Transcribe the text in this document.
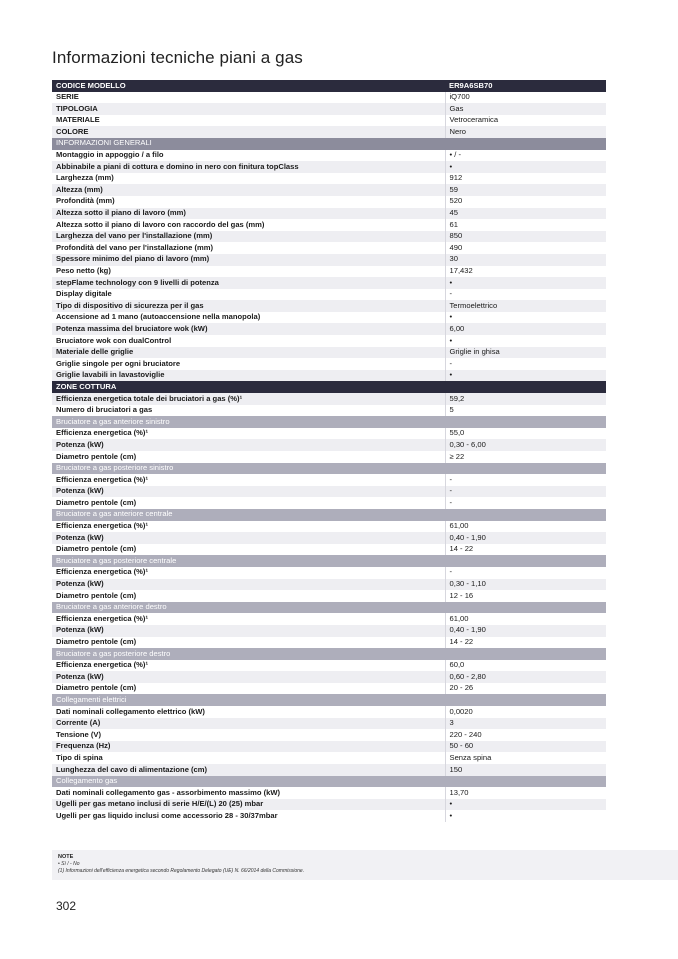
Informazioni tecniche piani a gas
CODICE MODELLO	ER9A6SB70
SERIE	iQ700
TIPOLOGIA	Gas
MATERIALE	Vetroceramica
COLORE	Nero
INFORMAZIONI GENERALI	
Montaggio in appoggio / a filo	• / -
Abbinabile a piani di cottura e domino in nero con finitura topClass	•
Larghezza (mm)	912
Altezza (mm)	59
Profondità (mm)	520
Altezza sotto il piano di lavoro (mm)	45
Altezza sotto il piano di lavoro con raccordo del gas (mm)	61
Larghezza del vano per l'installazione (mm)	850
Profondità del vano per l'installazione (mm)	490
Spessore minimo del piano di lavoro (mm)	30
Peso netto (kg)	17,432
stepFlame technology con 9 livelli di potenza	•
Display digitale	-
Tipo di dispositivo di sicurezza per il gas	Termoelettrico
Accensione ad 1 mano (autoaccensione nella manopola)	•
Potenza massima del bruciatore wok (kW)	6,00
Bruciatore wok con dualControl	•
Materiale delle griglie	Griglie in ghisa
Griglie singole per ogni bruciatore	-
Griglie lavabili in lavastoviglie	•
ZONE COTTURA	
Efficienza energetica totale dei bruciatori a gas (%)¹	59,2
Numero di bruciatori a gas	5
Bruciatore a gas anteriore sinistro	
Efficienza energetica (%)¹	55,0
Potenza (kW)	0,30 - 6,00
Diametro pentole (cm)	≥ 22
Bruciatore a gas posteriore sinistro	
Efficienza energetica (%)¹	-
Potenza (kW)	-
Diametro pentole (cm)	-
Bruciatore a gas anteriore centrale	
Efficienza energetica (%)¹	61,00
Potenza (kW)	0,40 - 1,90
Diametro pentole (cm)	14 - 22
Bruciatore a gas posteriore centrale	
Efficienza energetica (%)¹	-
Potenza (kW)	0,30 - 1,10
Diametro pentole (cm)	12 - 16
Bruciatore a gas anteriore destro	
Efficienza energetica (%)¹	61,00
Potenza (kW)	0,40 - 1,90
Diametro pentole (cm)	14 - 22
Bruciatore a gas posteriore destro	
Efficienza energetica (%)¹	60,0
Potenza (kW)	0,60 - 2,80
Diametro pentole (cm)	20 - 26
Collegamenti elettrici	
Dati nominali collegamento elettrico (kW)	0,0020
Corrente (A)	3
Tensione (V)	220 - 240
Frequenza (Hz)	50 - 60
Tipo di spina	Senza spina
Lunghezza del cavo di alimentazione (cm)	150
Collegamento gas	
Dati nominali collegamento gas - assorbimento massimo (kW)	13,70
Ugelli per gas metano inclusi di serie H/E/(L) 20 (25) mbar	•
Ugelli per gas liquido inclusi come accessorio 28 - 30/37mbar	•
NOTE
• Sì / - No
(1) Informazioni dell'efficienza energetica secondo Regolamento Delegato (UE) N. 66/2014 della Commissione.
302
